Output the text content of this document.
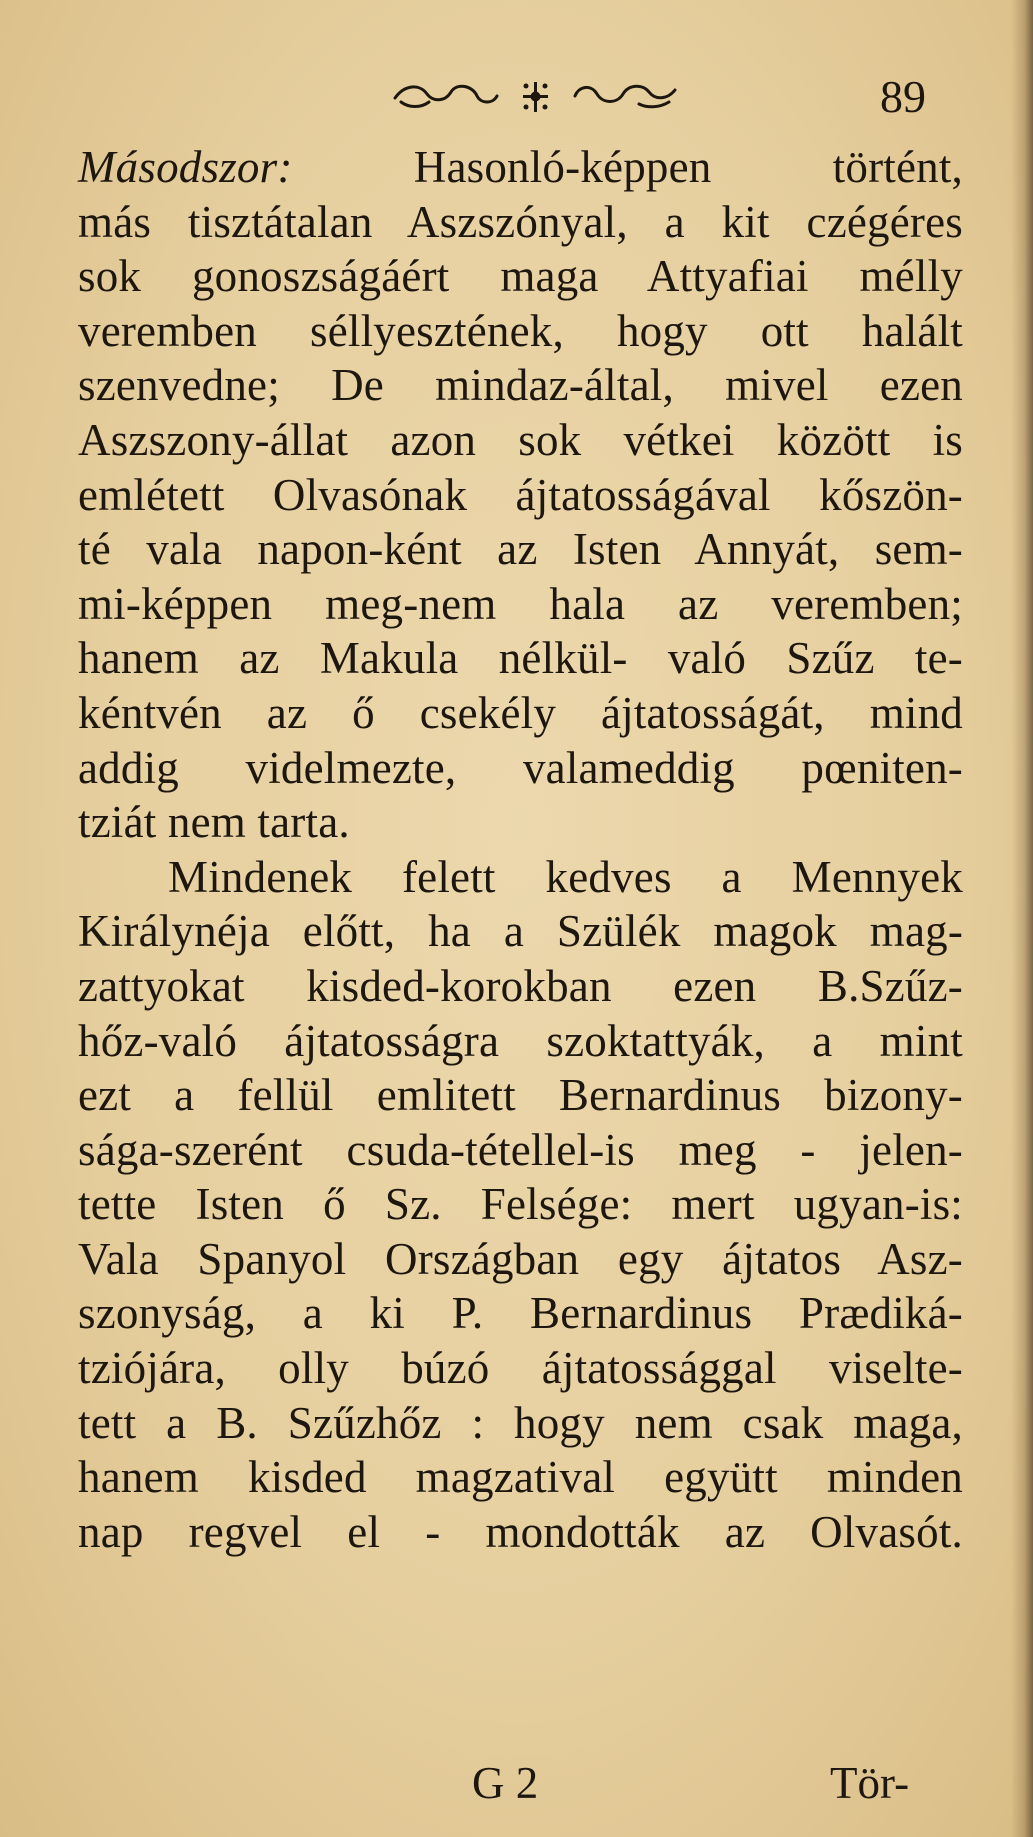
89
Másodszor: Hasonló-képpen történt,
más tisztátalan Aszszónyal, a kit czégéres
sok gonoszságáért maga Attyafiai mélly
veremben séllyesztének, hogy ott halált
szenvedne; De mindaz-által, mivel ezen
Aszszony-állat azon sok vétkei között is
emlétett Olvasónak ájtatosságával kőszön-
té vala napon-ként az Isten Annyát, sem-
mi-képpen meg-nem hala az veremben;
hanem az Makula nélkül- való Szűz te-
kéntvén az ő csekély ájtatosságát, mind
addig videlmezte, valameddig pœniten-
tziát nem tarta.
Mindenek felett kedves a Mennyek
Királynéja előtt, ha a Szülék magok mag-
zattyokat kisded-korokban ezen B.Szűz-
hőz-való ájtatosságra szoktattyák, a mint
ezt a fellül emlitett Bernardinus bizony-
sága-szerént csuda-tétellel-is meg - jelen-
tette Isten ő Sz. Felsége: mert ugyan-is:
Vala Spanyol Országban egy ájtatos Asz-
szonyság, a ki P. Bernardinus Prædiká-
tziójára, olly búzó ájtatossággal viselte-
tett a B. Szűzhőz : hogy nem csak maga,
hanem kisded magzatival együtt minden
nap regvel el - mondották az Olvasót.
G 2	Tör-
